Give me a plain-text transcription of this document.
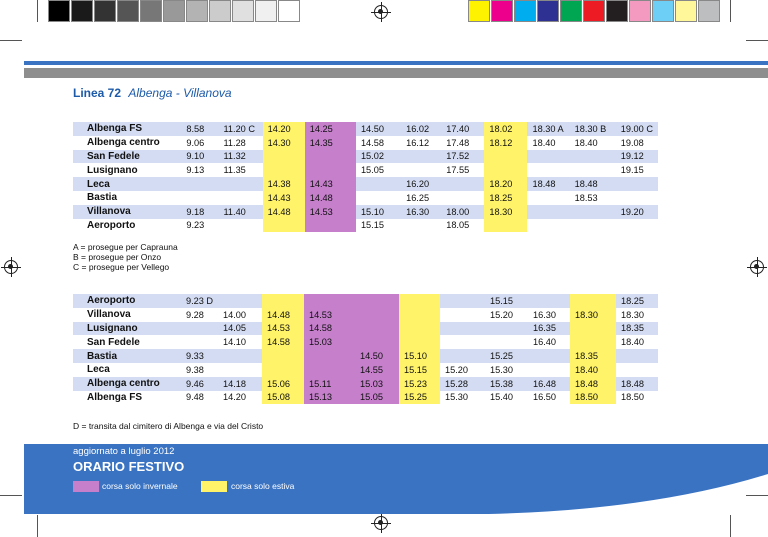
Linea 72 Albenga - Villanova
Albenga FS	8.58	11.20 C	14.20	14.25	14.50	16.02	17.40	18.02	18.30 A	18.30 B	19.00 C
Albenga centro	9.06	11.28	14.30	14.35	14.58	16.12	17.48	18.12	18.40	18.40	19.08
San Fedele	9.10	11.32			15.02		17.52				19.12
Lusignano	9.13	11.35			15.05		17.55				19.15
Leca			14.38	14.43		16.20		18.20	18.48	18.48	
Bastia			14.43	14.48		16.25		18.25		18.53	
Villanova	9.18	11.40	14.48	14.53	15.10	16.30	18.00	18.30			19.20
Aeroporto	9.23				15.15		18.05				
A = prosegue per Caprauna
B = prosegue per Onzo
C = prosegue per Vellego
Aeroporto	9.23 D							15.15			18.25
Villanova	9.28	14.00	14.48	14.53				15.20	16.30	18.30	18.30
Lusignano		14.05	14.53	14.58					16.35		18.35
San Fedele		14.10	14.58	15.03					16.40		18.40
Bastia	9.33				14.50	15.10		15.25		18.35	
Leca	9.38				14.55	15.15	15.20	15.30		18.40	
Albenga centro	9.46	14.18	15.06	15.11	15.03	15.23	15.28	15.38	16.48	18.48	18.48
Albenga FS	9.48	14.20	15.08	15.13	15.05	15.25	15.30	15.40	16.50	18.50	18.50
D = transita dal cimitero di Albenga e via del Cristo
aggiornato a luglio 2012
ORARIO FESTIVO
corsa solo invernale	corsa solo estiva
